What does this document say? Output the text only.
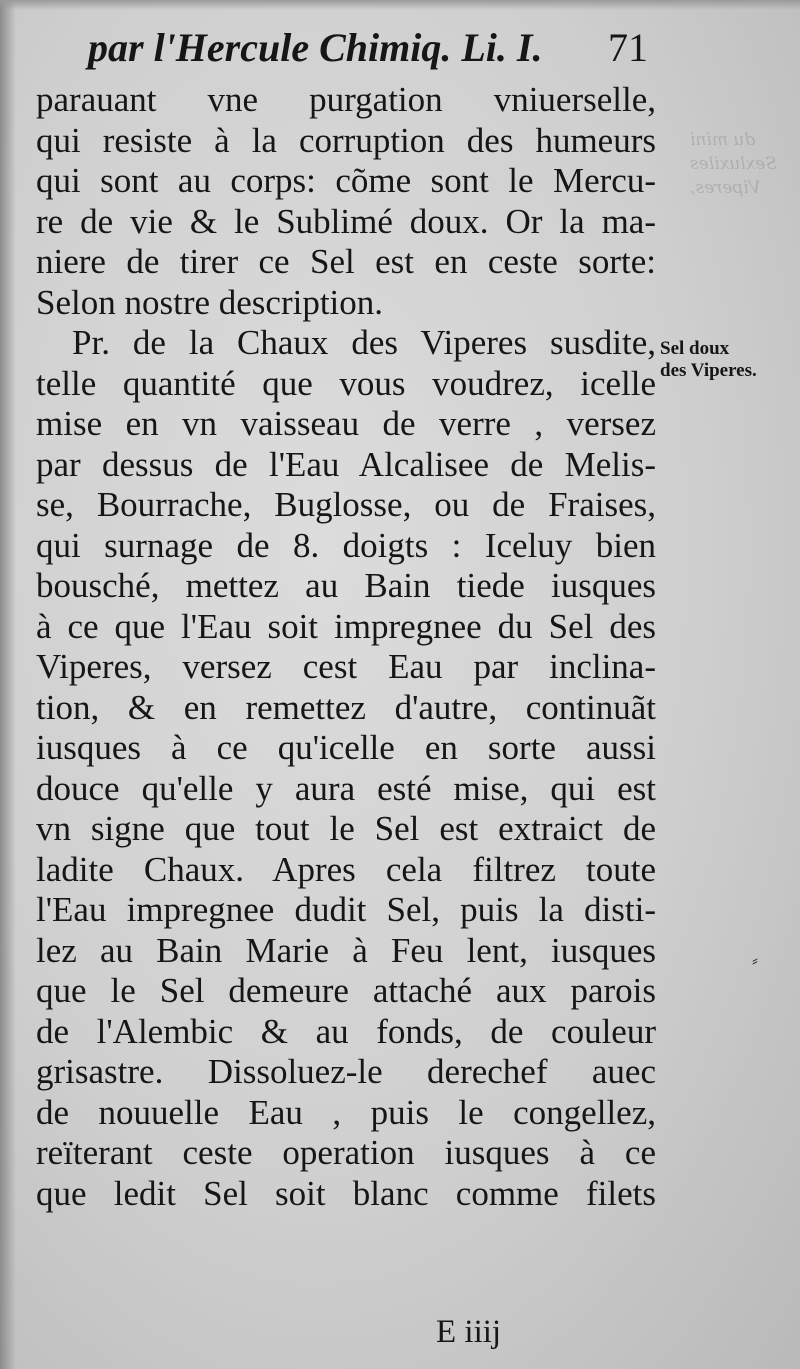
du mini
Sexluxiles
Viperes,
par l'Hercule Chimiq. Li. I. 71
parauant vne purgation vniuerselle,
qui resiste à la corruption des humeurs
qui sont au corps: cõme sont le Mercu-
re de vie & le Sublimé doux. Or la ma-
niere de tirer ce Sel est en ceste sorte:
Selon nostre description.
Pr. de la Chaux des Viperes susdite,
telle quantité que vous voudrez, icelle
mise en vn vaisseau de verre , versez
par dessus de l'Eau Alcalisee de Melis-
se, Bourrache, Buglosse, ou de Fraises,
qui surnage de 8. doigts : Iceluy bien
bousché, mettez au Bain tiede iusques
à ce que l'Eau soit impregnee du Sel des
Viperes, versez cest Eau par inclina-
tion, & en remettez d'autre, continuãt
iusques à ce qu'icelle en sorte aussi
douce qu'elle y aura esté mise, qui est
vn signe que tout le Sel est extraict de
ladite Chaux. Apres cela filtrez toute
l'Eau impregnee dudit Sel, puis la disti-
lez au Bain Marie à Feu lent, iusques
que le Sel demeure attaché aux parois
de l'Alembic & au fonds, de couleur
grisastre. Dissoluez-le derechef auec
de nouuelle Eau , puis le congellez,
reïterant ceste operation iusques à ce
que ledit Sel soit blanc comme filets
Sel doux
des Viperes.
⸗
E iiij
